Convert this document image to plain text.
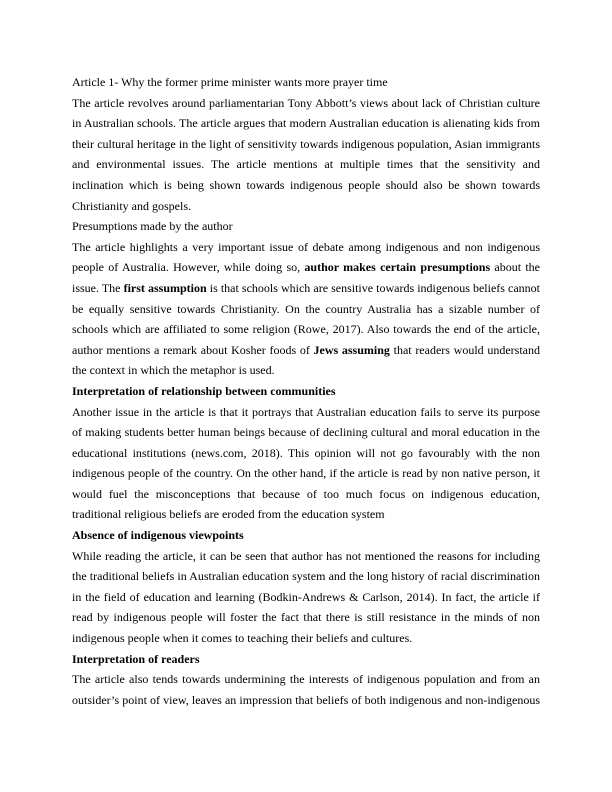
Article 1- Why the former prime minister wants more prayer time
The article revolves around parliamentarian Tony Abbott’s views about lack of Christian culture
in Australian schools. The article argues that modern Australian education is alienating kids from
their cultural heritage in the light of sensitivity towards indigenous population, Asian immigrants
and environmental issues. The article mentions at multiple times that the sensitivity and
inclination which is being shown towards indigenous people should also be shown towards
Christianity and gospels.
Presumptions made by the author
The article highlights a very important issue of debate among indigenous and non indigenous
people of Australia. However, while doing so, author makes certain presumptions about the
issue. The first assumption is that schools which are sensitive towards indigenous beliefs cannot
be equally sensitive towards Christianity. On the country Australia has a sizable number of
schools which are affiliated to some religion (Rowe, 2017). Also towards the end of the article,
author mentions a remark about Kosher foods of Jews assuming that readers would understand
the context in which the metaphor is used.
Interpretation of relationship between communities
Another issue in the article is that it portrays that Australian education fails to serve its purpose
of making students better human beings because of declining cultural and moral education in the
educational institutions (news.com, 2018). This opinion will not go favourably with the non
indigenous people of the country. On the other hand, if the article is read by non native person, it
would fuel the misconceptions that because of too much focus on indigenous education,
traditional religious beliefs are eroded from the education system
Absence of indigenous viewpoints
While reading the article, it can be seen that author has not mentioned the reasons for including
the traditional beliefs in Australian education system and the long history of racial discrimination
in the field of education and learning (Bodkin-Andrews & Carlson, 2014). In fact, the article if
read by indigenous people will foster the fact that there is still resistance in the minds of non
indigenous people when it comes to teaching their beliefs and cultures.
Interpretation of readers
The article also tends towards undermining the interests of indigenous population and from an
outsider’s point of view, leaves an impression that beliefs of both indigenous and non-indigenous
